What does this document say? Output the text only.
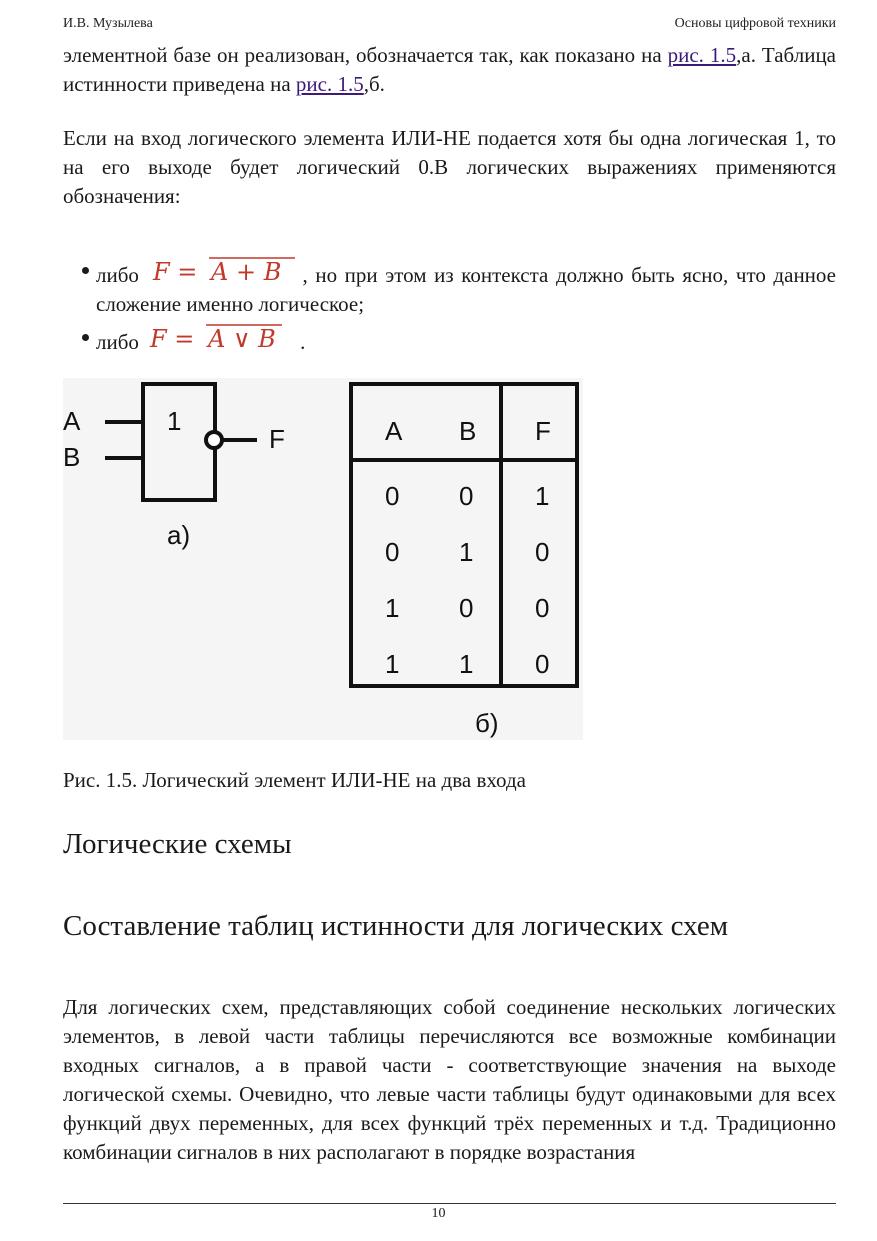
И.В. Музылева	Основы цифровой техники

элементной базе он реализован, обозначается так, как показано на рис. 1.5,а. Таблица истинности приведена на рис. 1.5,б.

Если на вход логического элемента ИЛИ-НЕ подается хотя бы одна логическая 1, то на его выходе будет логический 0.В логических выражениях применяются обозначения:

либо F = A + B , но при этом из контекста должно быть ясно, что данное сложение именно логическое;
либо F = A ∨ B .
1
A
B
F
а)
A B F
0 0 1
0 1 0
1 0 0
1 1 0
б)
Рис. 1.5. Логический элемент ИЛИ-НЕ на два входа
Логические схемы
Составление таблиц истинности для логических схем

Для логических схем, представляющих собой соединение нескольких логических элементов, в левой части таблицы перечисляются все возможные комбинации входных сигналов, а в правой части - соответствующие значения на выходе логической схемы. Очевидно, что левые части таблицы будут одинаковыми для всех функций двух переменных, для всех функций трёх переменных и т.д. Традиционно комбинации сигналов в них располагают в порядке возрастания

10
